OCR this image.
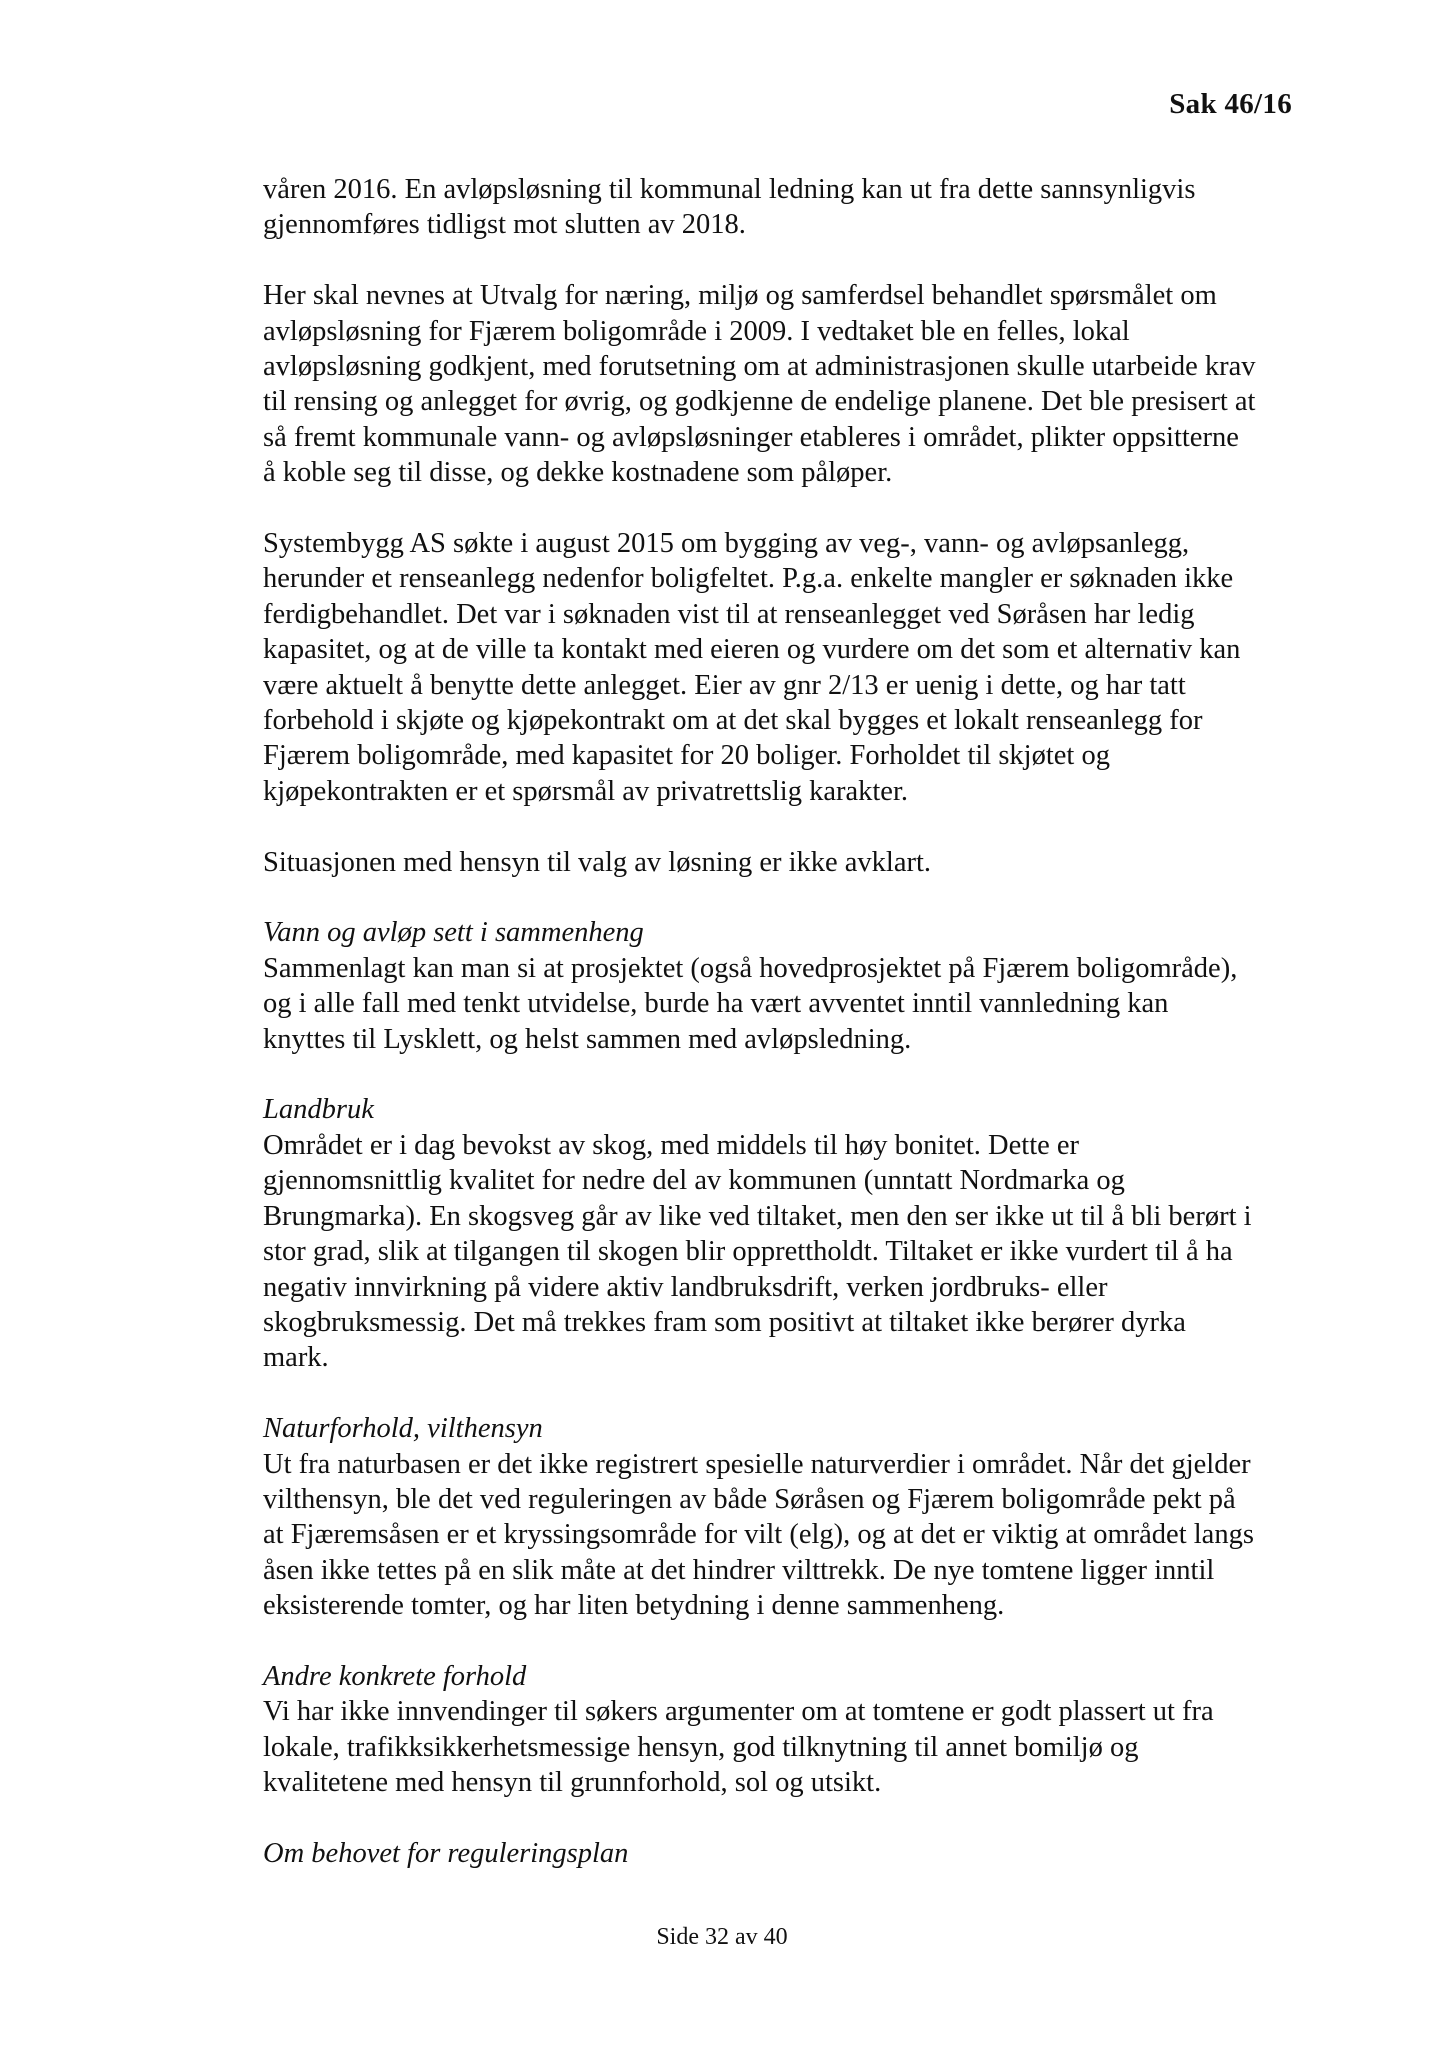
Sak 46/16

våren 2016. En avløpsløsning til kommunal ledning kan ut fra dette sannsynligvis
gjennomføres tidligst mot slutten av 2018.

Her skal nevnes at Utvalg for næring, miljø og samferdsel behandlet spørsmålet om
avløpsløsning for Fjærem boligområde i 2009. I vedtaket ble en felles, lokal
avløpsløsning godkjent, med forutsetning om at administrasjonen skulle utarbeide krav
til rensing og anlegget for øvrig, og godkjenne de endelige planene. Det ble presisert at
så fremt kommunale vann- og avløpsløsninger etableres i området, plikter oppsitterne
å koble seg til disse, og dekke kostnadene som påløper.

Systembygg AS søkte i august 2015 om bygging av veg-, vann- og avløpsanlegg,
herunder et renseanlegg nedenfor boligfeltet. P.g.a. enkelte mangler er søknaden ikke
ferdigbehandlet. Det var i søknaden vist til at renseanlegget ved Søråsen har ledig
kapasitet, og at de ville ta kontakt med eieren og vurdere om det som et alternativ kan
være aktuelt å benytte dette anlegget. Eier av gnr 2/13 er uenig i dette, og har tatt
forbehold i skjøte og kjøpekontrakt om at det skal bygges et lokalt renseanlegg for
Fjærem boligområde, med kapasitet for 20 boliger. Forholdet til skjøtet og
kjøpekontrakten er et spørsmål av privatrettslig karakter.

Situasjonen med hensyn til valg av løsning er ikke avklart.

Vann og avløp sett i sammenheng
Sammenlagt kan man si at prosjektet (også hovedprosjektet på Fjærem boligområde),
og i alle fall med tenkt utvidelse, burde ha vært avventet inntil vannledning kan
knyttes til Lysklett, og helst sammen med avløpsledning.

Landbruk
Området er i dag bevokst av skog, med middels til høy bonitet. Dette er
gjennomsnittlig kvalitet for nedre del av kommunen (unntatt Nordmarka og
Brungmarka). En skogsveg går av like ved tiltaket, men den ser ikke ut til å bli berørt i
stor grad, slik at tilgangen til skogen blir opprettholdt. Tiltaket er ikke vurdert til å ha
negativ innvirkning på videre aktiv landbruksdrift, verken jordbruks- eller
skogbruksmessig. Det må trekkes fram som positivt at tiltaket ikke berører dyrka
mark.

Naturforhold, vilthensyn
Ut fra naturbasen er det ikke registrert spesielle naturverdier i området. Når det gjelder
vilthensyn, ble det ved reguleringen av både Søråsen og Fjærem boligområde pekt på
at Fjæremsåsen er et kryssingsområde for vilt (elg), og at det er viktig at området langs
åsen ikke tettes på en slik måte at det hindrer vilttrekk. De nye tomtene ligger inntil
eksisterende tomter, og har liten betydning i denne sammenheng.

Andre konkrete forhold
Vi har ikke innvendinger til søkers argumenter om at tomtene er godt plassert ut fra
lokale, trafikksikkerhetsmessige hensyn, god tilknytning til annet bomiljø og
kvalitetene med hensyn til grunnforhold, sol og utsikt.

Om behovet for reguleringsplan

Side 32 av 40
